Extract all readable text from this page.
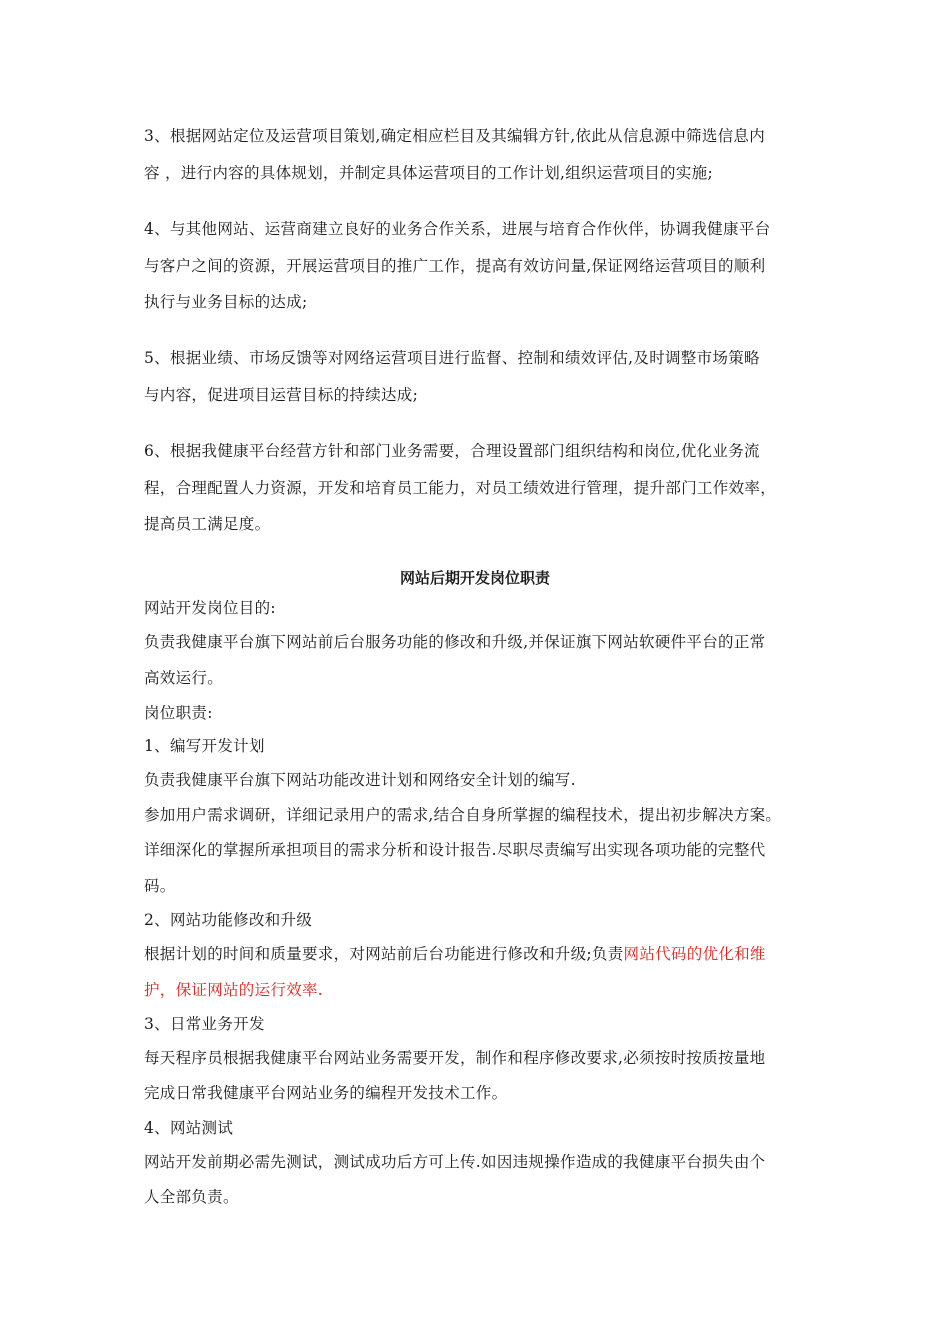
3、根据网站定位及运营项目策划,确定相应栏目及其编辑方针,依此从信息源中筛选信息内
容 ，进行内容的具体规划，并制定具体运营项目的工作计划,组织运营项目的实施;
4、与其他网站、运营商建立良好的业务合作关系，进展与培育合作伙伴，协调我健康平台
与客户之间的资源，开展运营项目的推广工作，提高有效访问量,保证网络运营项目的顺利
执行与业务目标的达成;
5、根据业绩、市场反馈等对网络运营项目进行监督、控制和绩效评估,及时调整市场策略
与内容，促进项目运营目标的持续达成;
6、根据我健康平台经营方针和部门业务需要，合理设置部门组织结构和岗位,优化业务流
程，合理配置人力资源，开发和培育员工能力，对员工绩效进行管理，提升部门工作效率，
提高员工满足度。
网站后期开发岗位职责
网站开发岗位目的:
负责我健康平台旗下网站前后台服务功能的修改和升级,并保证旗下网站软硬件平台的正常
高效运行。
岗位职责:
1、编写开发计划
负责我健康平台旗下网站功能改进计划和网络安全计划的编写.
参加用户需求调研，详细记录用户的需求,结合自身所掌握的编程技术，提出初步解决方案。
详细深化的掌握所承担项目的需求分析和设计报告.尽职尽责编写出实现各项功能的完整代
码。
2、网站功能修改和升级
根据计划的时间和质量要求，对网站前后台功能进行修改和升级;负责网站代码的优化和维
护，保证网站的运行效率.
3、日常业务开发
每天程序员根据我健康平台网站业务需要开发，制作和程序修改要求,必须按时按质按量地
完成日常我健康平台网站业务的编程开发技术工作。
4、网站测试
网站开发前期必需先测试，测试成功后方可上传.如因违规操作造成的我健康平台损失由个
人全部负责。
